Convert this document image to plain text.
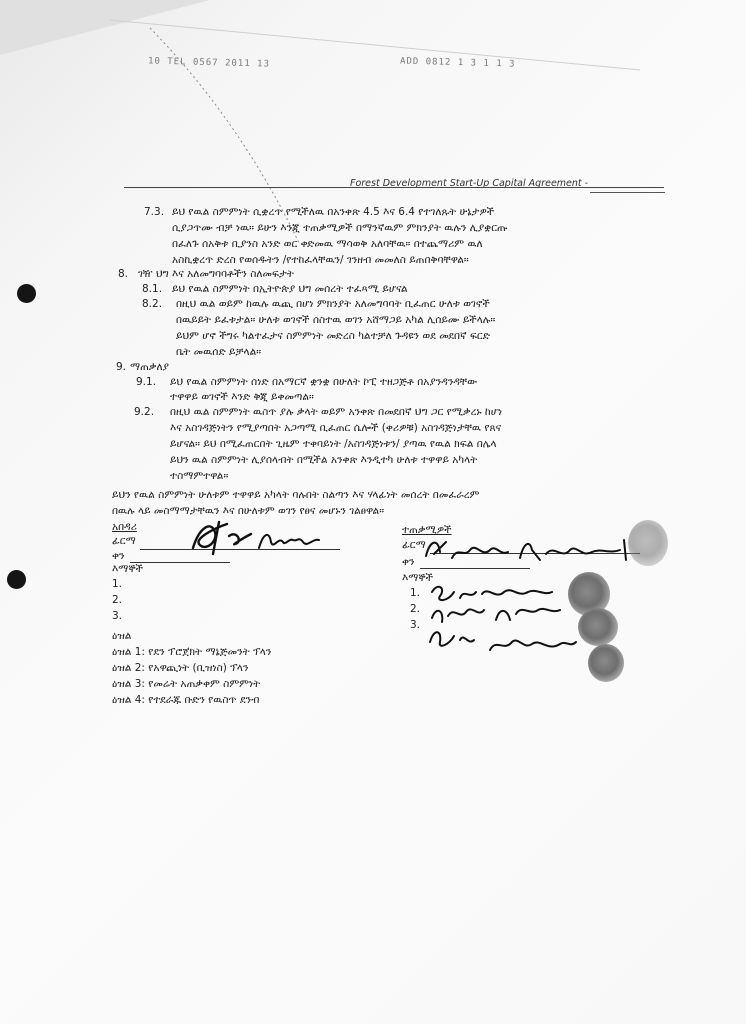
10 TEL 0567 2011 13	ADD 0812 1 3 1 1 3
Forest Development Start-Up Capital Agreement -
7.3. ይህ የዉል ስምምነት ሲቋረጥ የሚችለዉ በአንቀጽ 4.5 እና 6.4 የተገለጹት ሁኔታዎች
ሲያጋጥሙ ብቻ ነዉ። ይሁን እንጂ ተጠቃሚዎች በማንኛዉም ምክንያት ዉሉን ሊያቋርጡ
በፈለጉ ሰአቅቱ ቢያንስ አንድ ወር ቀድመዉ ማሳወቅ አለባቸዉ። በተጨማሪም ዉለ
አስኪቋረጥ ድረስ የወሰዱትን /የተከፈላቸዉን/ ገንዘብ መመለስ ይጠበቅባቸዋል።
8. ገዥ ህግ እና አለመግባባቶችን ስለመፍታት
8.1. ይህ የዉል ስምምነት በኢትዮጵያ ህግ መሰረት ተፈጻሚ ይሆናል
8.2. በዚህ ዉል ወይም ከዉሉ ዉጪ በሆነ ምክንያት አለመግባባት ቢፈጠር ሁለቱ ወገኖች
በዉይይት ይፈቱታል። ሁለቱ ወገኖች ሰስተዉ ወገን አሸማጋይ አካል ሊሰይሙ ይችላሉ።
ይህም ሆኖ ችግሩ ካልተፈታና ስምምነት መድረስ ካልተቻለ ጉዳዩን ወደ መደበኛ ፍርድ
ቤት መዉሰድ ይቻላል።
9. ማጠቃለያ
9.1. ይህ የዉል ስምምነት ሰነድ በአማርኛ ቋንቋ በሁለት ኮፒ ተዘጋጅቶ በአያንዳንዳቸው
ተዋዋይ ወገኖች እንድ ቅጂ ይቀመጣል።
9.2. በዚህ ዉል ስምምነት ዉስጥ ያሉ ቃላት ወይም አንቀጽ በመደበኛ ህግ ጋር የሚቃረኑ ከሆነ
እና አስገዳጅነትን የሚያጣበት አጋጣሚ ቢፈጠር ሴሎች (ቀሪዎቹ) አስገዳጅነታቸዉ የጸና
ይሆናል። ይህ በሚፈጠርበት ጊዜም ተቀባይነት /አስገዳጅነቱን/ ያጣዉ የዉል ክፍል በሌላ
ይህን ዉል ስምምነት ሊያሰላብት በሚችል አንቀጽ እንዲተካ ሁለቱ ተዋዋይ አካላት
ተስማምተዋል።
ይህን የዉል ስምምነት ሁለቱም ተዋዋይ አካላት ባሉበት ስልጣን እና ሃላፊነት መሰረት በመፈራረም
በዉሉ ላይ መስማማታቸዉን እና በሁለቱም ወገን የፀና መሆኑን ገልፀዋል።
አበዳሪ
ፊርማ
ቀን
እማኞች
1.
2.
3.
ተጠቃሚዎች
ፊርማ
ቀን
እማኞች
1.
2.
3.
ዕዝል
ዕዝል 1: የደን ፕሮጀክት ማኔጅመንት ፕላን
ዕዝል 2: የአዋጪነት (ቢዝነስ) ፕላን
ዕዝል 3: የመሬት አጠቃቀም ስምምነት
ዕዝል 4: የተደራጁ ቡድን የዉስጥ ደንብ
